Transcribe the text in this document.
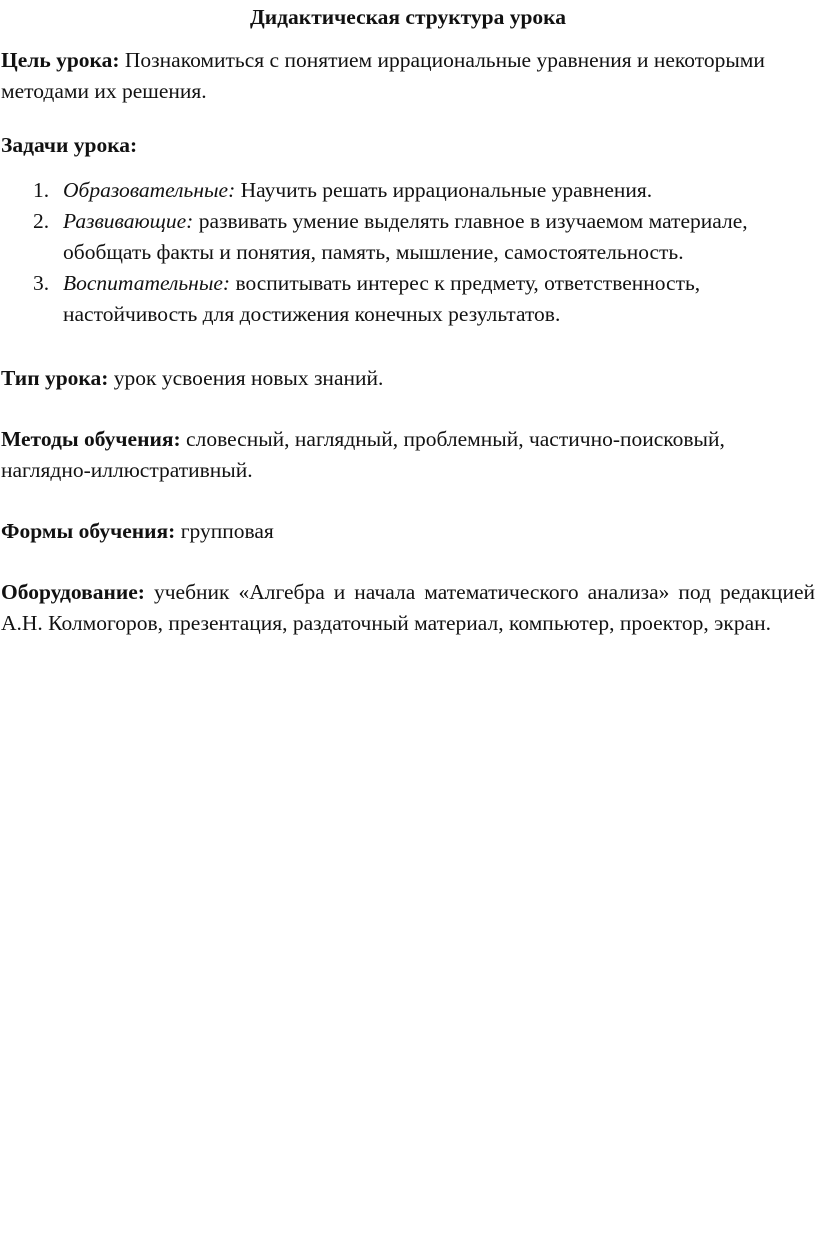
Дидактическая структура урока

Цель урока: Познакомиться с понятием иррациональные уравнения и некоторыми методами их решения.

Задачи урока:

1. Образовательные: Научить решать иррациональные уравнения.
2. Развивающие: развивать умение выделять главное в изучаемом материале, обобщать факты и понятия, память, мышление, самостоятельность.
3. Воспитательные: воспитывать интерес к предмету, ответственность, настойчивость для достижения конечных результатов.

Тип урока: урок усвоения новых знаний.

Методы обучения: словесный, наглядный, проблемный, частично-поисковый, наглядно-иллюстративный.

Формы обучения: групповая

Оборудование: учебник «Алгебра и начала математического анализа» под редакцией А.Н. Колмогоров, презентация, раздаточный материал, компьютер, проектор, экран.
